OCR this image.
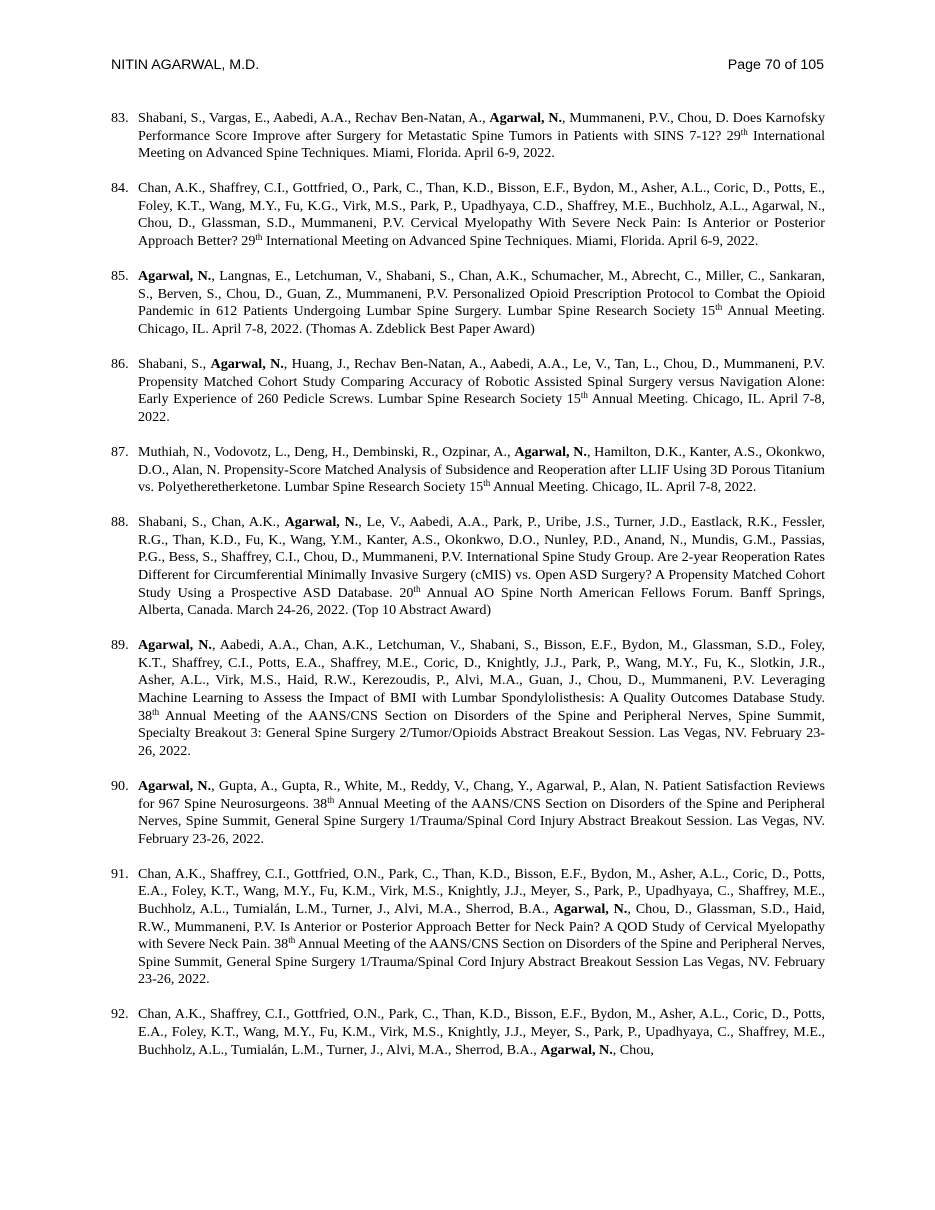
NITIN AGARWAL, M.D.	Page 70 of 105
83. Shabani, S., Vargas, E., Aabedi, A.A., Rechav Ben-Natan, A., Agarwal, N., Mummaneni, P.V., Chou, D. Does Karnofsky Performance Score Improve after Surgery for Metastatic Spine Tumors in Patients with SINS 7-12? 29th International Meeting on Advanced Spine Techniques. Miami, Florida. April 6-9, 2022.
84. Chan, A.K., Shaffrey, C.I., Gottfried, O., Park, C., Than, K.D., Bisson, E.F., Bydon, M., Asher, A.L., Coric, D., Potts, E., Foley, K.T., Wang, M.Y., Fu, K.G., Virk, M.S., Park, P., Upadhyaya, C.D., Shaffrey, M.E., Buchholz, A.L., Agarwal, N., Chou, D., Glassman, S.D., Mummaneni, P.V. Cervical Myelopathy With Severe Neck Pain: Is Anterior or Posterior Approach Better? 29th International Meeting on Advanced Spine Techniques. Miami, Florida. April 6-9, 2022.
85. Agarwal, N., Langnas, E., Letchuman, V., Shabani, S., Chan, A.K., Schumacher, M., Abrecht, C., Miller, C., Sankaran, S., Berven, S., Chou, D., Guan, Z., Mummaneni, P.V. Personalized Opioid Prescription Protocol to Combat the Opioid Pandemic in 612 Patients Undergoing Lumbar Spine Surgery. Lumbar Spine Research Society 15th Annual Meeting. Chicago, IL. April 7-8, 2022. (Thomas A. Zdeblick Best Paper Award)
86. Shabani, S., Agarwal, N., Huang, J., Rechav Ben-Natan, A., Aabedi, A.A., Le, V., Tan, L., Chou, D., Mummaneni, P.V. Propensity Matched Cohort Study Comparing Accuracy of Robotic Assisted Spinal Surgery versus Navigation Alone: Early Experience of 260 Pedicle Screws. Lumbar Spine Research Society 15th Annual Meeting. Chicago, IL. April 7-8, 2022.
87. Muthiah, N., Vodovotz, L., Deng, H., Dembinski, R., Ozpinar, A., Agarwal, N., Hamilton, D.K., Kanter, A.S., Okonkwo, D.O., Alan, N. Propensity-Score Matched Analysis of Subsidence and Reoperation after LLIF Using 3D Porous Titanium vs. Polyetheretherketone. Lumbar Spine Research Society 15th Annual Meeting. Chicago, IL. April 7-8, 2022.
88. Shabani, S., Chan, A.K., Agarwal, N., Le, V., Aabedi, A.A., Park, P., Uribe, J.S., Turner, J.D., Eastlack, R.K., Fessler, R.G., Than, K.D., Fu, K., Wang, Y.M., Kanter, A.S., Okonkwo, D.O., Nunley, P.D., Anand, N., Mundis, G.M., Passias, P.G., Bess, S., Shaffrey, C.I., Chou, D., Mummaneni, P.V. International Spine Study Group. Are 2-year Reoperation Rates Different for Circumferential Minimally Invasive Surgery (cMIS) vs. Open ASD Surgery? A Propensity Matched Cohort Study Using a Prospective ASD Database. 20th Annual AO Spine North American Fellows Forum. Banff Springs, Alberta, Canada. March 24-26, 2022. (Top 10 Abstract Award)
89. Agarwal, N., Aabedi, A.A., Chan, A.K., Letchuman, V., Shabani, S., Bisson, E.F., Bydon, M., Glassman, S.D., Foley, K.T., Shaffrey, C.I., Potts, E.A., Shaffrey, M.E., Coric, D., Knightly, J.J., Park, P., Wang, M.Y., Fu, K., Slotkin, J.R., Asher, A.L., Virk, M.S., Haid, R.W., Kerezoudis, P., Alvi, M.A., Guan, J., Chou, D., Mummaneni, P.V. Leveraging Machine Learning to Assess the Impact of BMI with Lumbar Spondylolisthesis: A Quality Outcomes Database Study. 38th Annual Meeting of the AANS/CNS Section on Disorders of the Spine and Peripheral Nerves, Spine Summit, Specialty Breakout 3: General Spine Surgery 2/Tumor/Opioids Abstract Breakout Session. Las Vegas, NV. February 23-26, 2022.
90. Agarwal, N., Gupta, A., Gupta, R., White, M., Reddy, V., Chang, Y., Agarwal, P., Alan, N. Patient Satisfaction Reviews for 967 Spine Neurosurgeons. 38th Annual Meeting of the AANS/CNS Section on Disorders of the Spine and Peripheral Nerves, Spine Summit, General Spine Surgery 1/Trauma/Spinal Cord Injury Abstract Breakout Session. Las Vegas, NV. February 23-26, 2022.
91. Chan, A.K., Shaffrey, C.I., Gottfried, O.N., Park, C., Than, K.D., Bisson, E.F., Bydon, M., Asher, A.L., Coric, D., Potts, E.A., Foley, K.T., Wang, M.Y., Fu, K.M., Virk, M.S., Knightly, J.J., Meyer, S., Park, P., Upadhyaya, C., Shaffrey, M.E., Buchholz, A.L., Tumialán, L.M., Turner, J., Alvi, M.A., Sherrod, B.A., Agarwal, N., Chou, D., Glassman, S.D., Haid, R.W., Mummaneni, P.V. Is Anterior or Posterior Approach Better for Neck Pain? A QOD Study of Cervical Myelopathy with Severe Neck Pain. 38th Annual Meeting of the AANS/CNS Section on Disorders of the Spine and Peripheral Nerves, Spine Summit, General Spine Surgery 1/Trauma/Spinal Cord Injury Abstract Breakout Session Las Vegas, NV. February 23-26, 2022.
92. Chan, A.K., Shaffrey, C.I., Gottfried, O.N., Park, C., Than, K.D., Bisson, E.F., Bydon, M., Asher, A.L., Coric, D., Potts, E.A., Foley, K.T., Wang, M.Y., Fu, K.M., Virk, M.S., Knightly, J.J., Meyer, S., Park, P., Upadhyaya, C., Shaffrey, M.E., Buchholz, A.L., Tumialán, L.M., Turner, J., Alvi, M.A., Sherrod, B.A., Agarwal, N., Chou,
